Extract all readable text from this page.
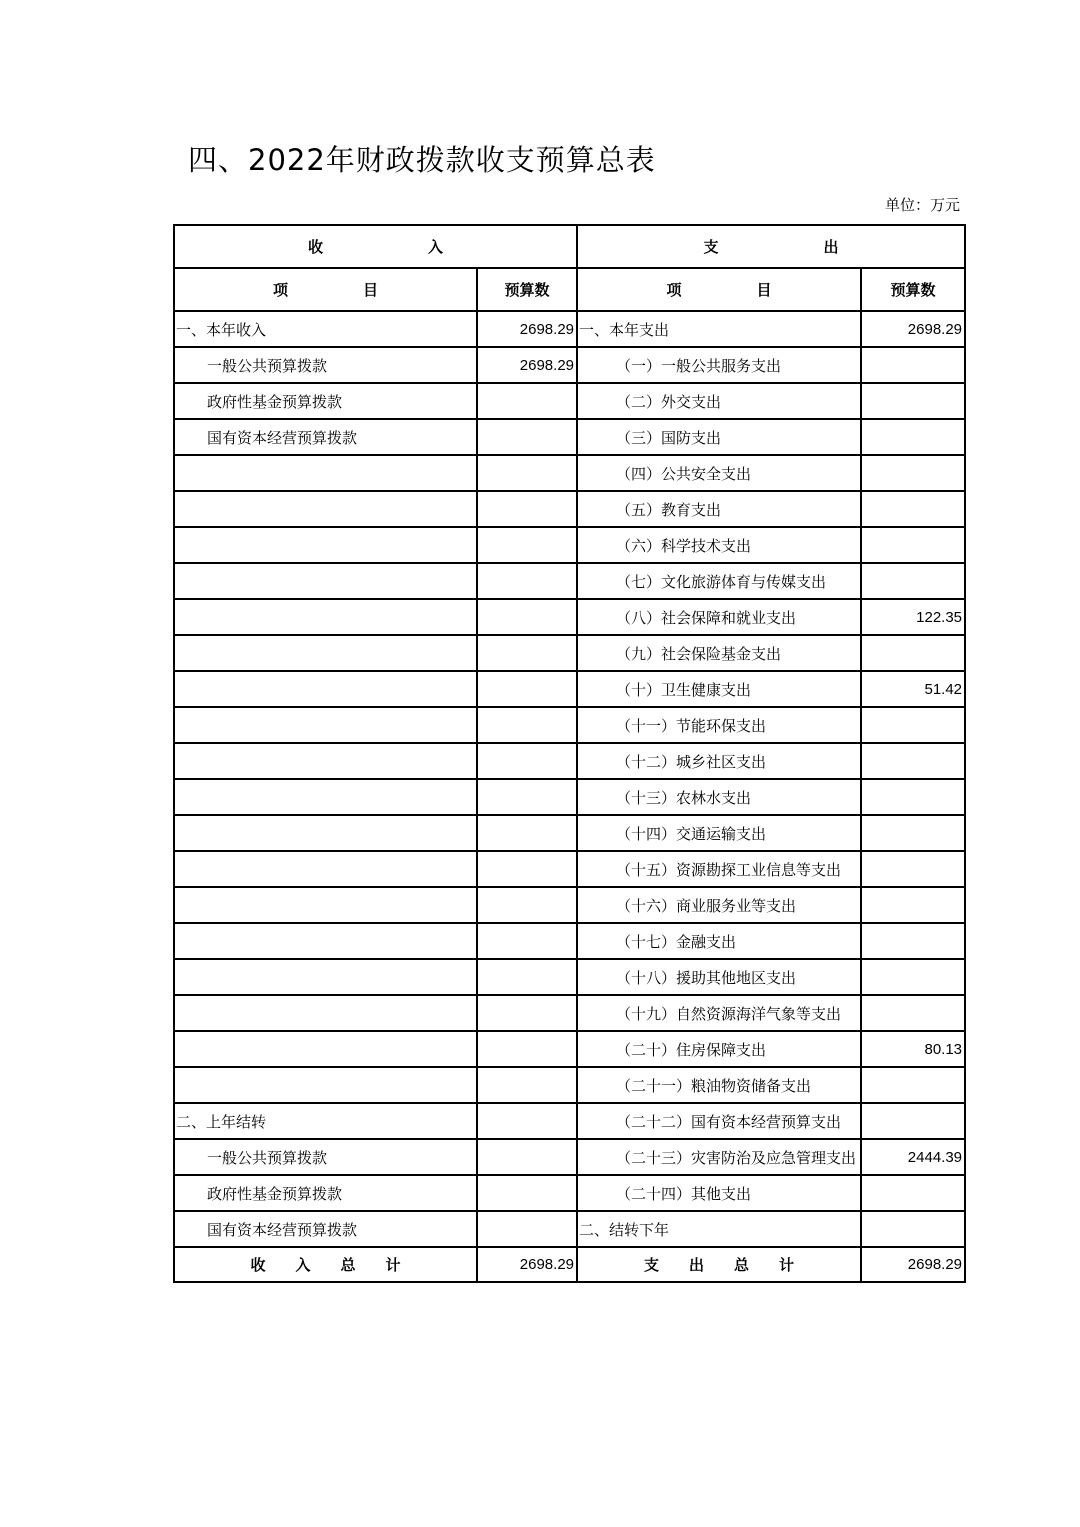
四、2022年财政拨款收支预算总表
单位：万元
收　　　　　　　入		支　　　　　　　出	
项　　　　　目	预算数	项　　　　　目	预算数
一、本年收入	2698.29	一、本年支出	2698.29
一般公共预算拨款	2698.29	（一）一般公共服务支出	
政府性基金预算拨款		（二）外交支出	
国有资本经营预算拨款		（三）国防支出	
		（四）公共安全支出	
		（五）教育支出	
		（六）科学技术支出	
		（七）文化旅游体育与传媒支出	
		（八）社会保障和就业支出	122.35
		（九）社会保险基金支出	
		（十）卫生健康支出	51.42
		（十一）节能环保支出	
		（十二）城乡社区支出	
		（十三）农林水支出	
		（十四）交通运输支出	
		（十五）资源勘探工业信息等支出	
		（十六）商业服务业等支出	
		（十七）金融支出	
		（十八）援助其他地区支出	
		（十九）自然资源海洋气象等支出	
		（二十）住房保障支出	80.13
		（二十一）粮油物资储备支出	
二、上年结转		（二十二）国有资本经营预算支出	
一般公共预算拨款		（二十三）灾害防治及应急管理支出	2444.39
政府性基金预算拨款		（二十四）其他支出	
国有资本经营预算拨款		二、结转下年	
收　　入　　总　　计	2698.29	支　　出　　总　　计	2698.29
